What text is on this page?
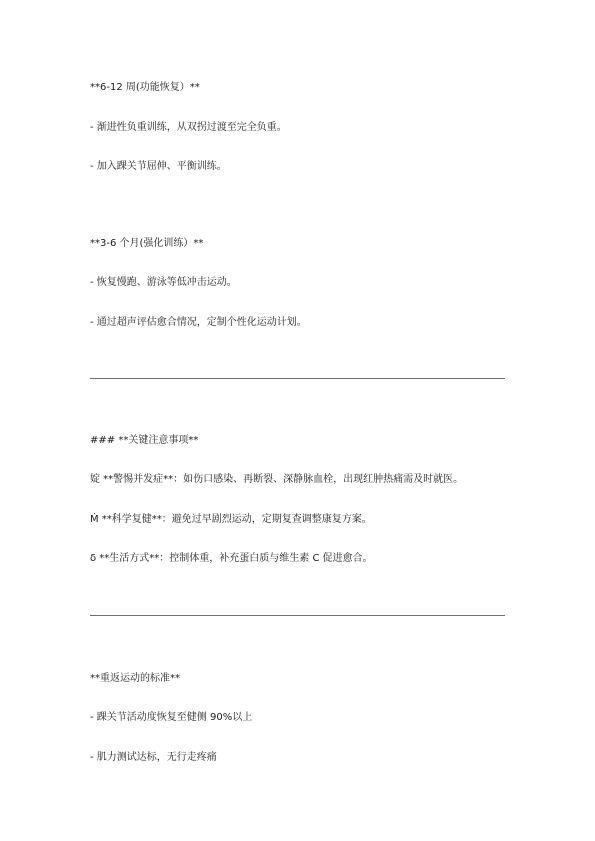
**6-12 周(功能恢复）**
- 渐进性负重训练，从双拐过渡至完全负重。
- 加入踝关节屈伸、平衡训练。
**3-6 个月(强化训练）**
- 恢复慢跑、游泳等低冲击运动。
- 通过超声评估愈合情况，定制个性化运动计划。
### **关键注意事项**
婝 **警惕并发症**：如伤口感染、再断裂、深静脉血栓，出现红肿热痛需及时就医。
Ḿ **科学复健**：避免过早剧烈运动，定期复查调整康复方案。
δ **生活方式**：控制体重，补充蛋白质与维生素 C 促进愈合。
**重返运动的标准**
- 踝关节活动度恢复至健侧 90%以上
- 肌力测试达标，无行走疼痛
